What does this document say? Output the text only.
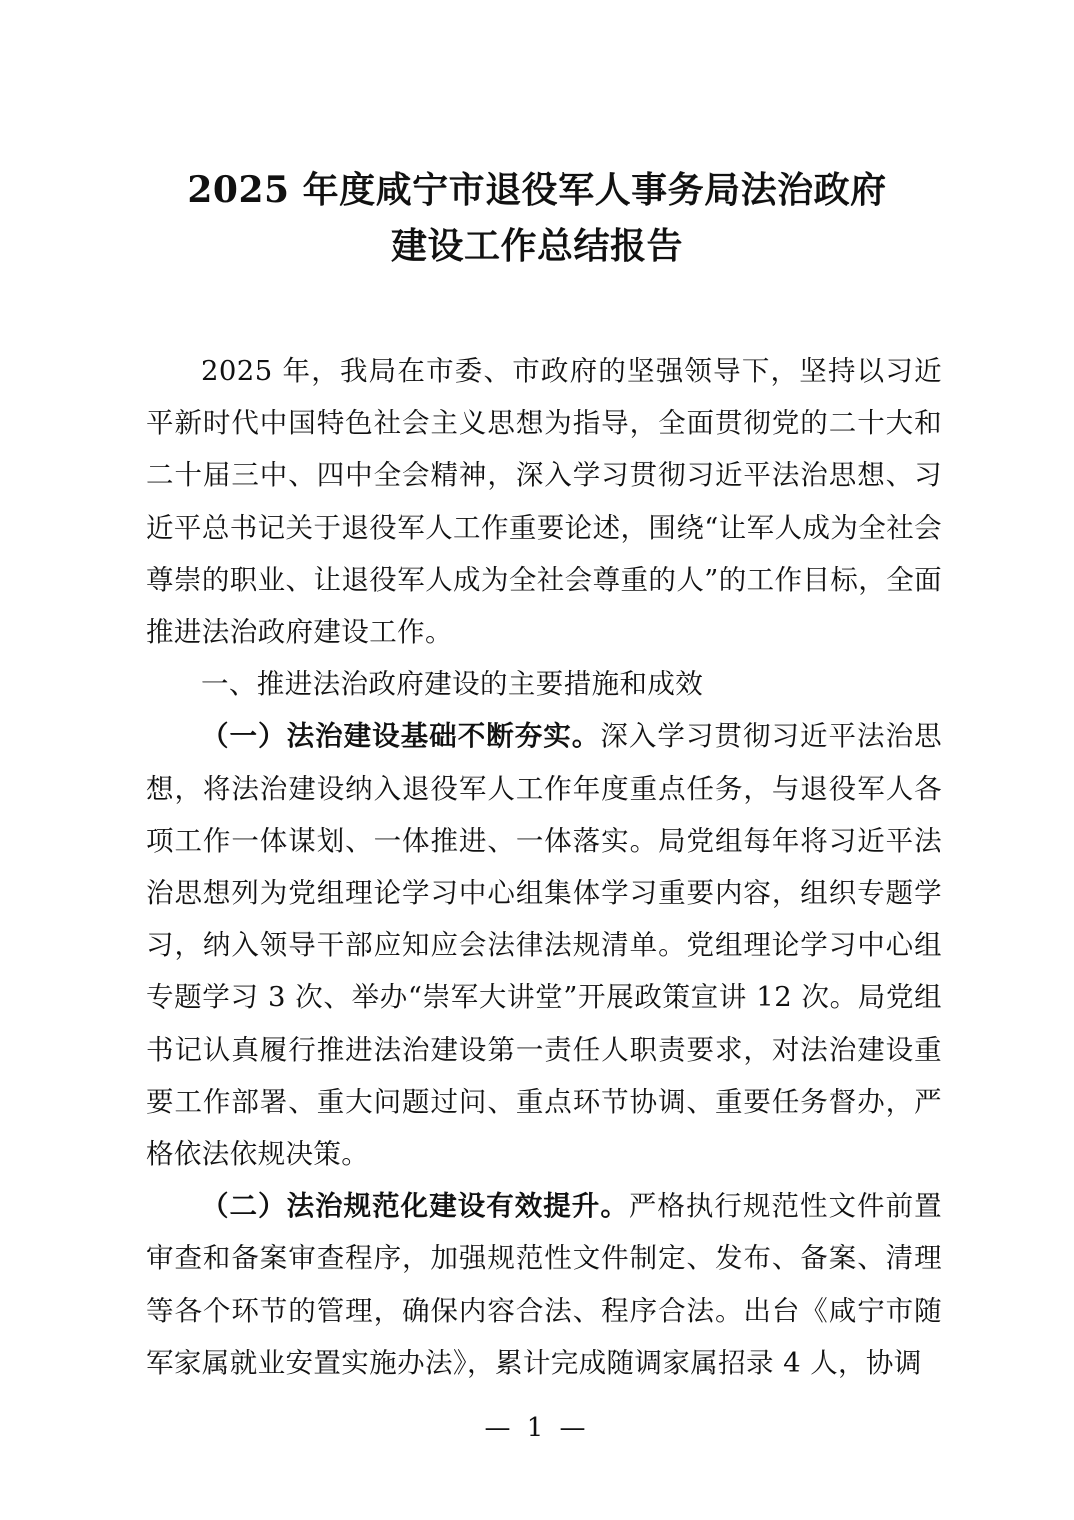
2025 年度咸宁市退役军人事务局法治政府
建设工作总结报告

2025 年，我局在市委、市政府的坚强领导下，坚持以习近平新时代中国特色社会主义思想为指导，全面贯彻党的二十大和二十届三中、四中全会精神，深入学习贯彻习近平法治思想、习近平总书记关于退役军人工作重要论述，围绕“让军人成为全社会尊崇的职业、让退役军人成为全社会尊重的人”的工作目标，全面推进法治政府建设工作。

一、推进法治政府建设的主要措施和成效

（一）法治建设基础不断夯实。深入学习贯彻习近平法治思想，将法治建设纳入退役军人工作年度重点任务，与退役军人各项工作一体谋划、一体推进、一体落实。局党组每年将习近平法治思想列为党组理论学习中心组集体学习重要内容，组织专题学习，纳入领导干部应知应会法律法规清单。党组理论学习中心组专题学习 3 次、举办“崇军大讲堂”开展政策宣讲 12 次。局党组书记认真履行推进法治建设第一责任人职责要求，对法治建设重要工作部署、重大问题过问、重点环节协调、重要任务督办，严格依法依规决策。

（二）法治规范化建设有效提升。严格执行规范性文件前置审查和备案审查程序，加强规范性文件制定、发布、备案、清理等各个环节的管理，确保内容合法、程序合法。出台《咸宁市随军家属就业安置实施办法》，累计完成随调家属招录 4 人，协调

— 1 —
